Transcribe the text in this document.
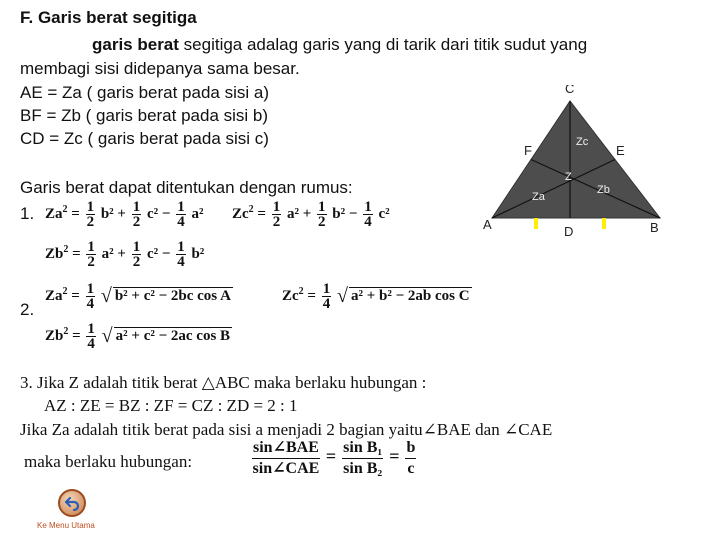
F. Garis berat segitiga
garis berat segitiga adalag garis yang di tarik dari titik sudut yang
membagi sisi didepanya sama besar.
AE = Za ( garis berat pada sisi a)
BF = Zb ( garis berat pada sisi b)
CD = Zc ( garis berat pada sisi c)
Garis berat dapat ditentukan dengan rumus:
1.
2.
A	B
C
D
E
F
Z
Za
Zb
Zc
$Za^2 = \frac{1}{2} b^2 + \frac{1}{2} c^2 - \frac{1}{4} a^2$ $Zc^2 = \frac{1}{2} a^2 + \frac{1}{2} b^2 - \frac{1}{4} c^2$
$Zb^2 = \frac{1}{2} a^2 + \frac{1}{2} c^2 - \frac{1}{4} b^2$
$Za^2 = \frac{1}{4}$ √ b² + c² − 2bc cos A	$Zc^2 = \frac{1}{4}$ √ a² + b² − 2ab cos C
$Zb^2 = \frac{1}{4}$ √ a² + c² − 2ac cos B
3. Jika Z adalah titik berat △ABC maka berlaku hubungan :
AZ : ZE = BZ : ZF = CZ : ZD = 2 : 1
Jika Za adalah titik berat pada sisi a menjadi 2 bagian yaitu∠BAE dan ∠CAE
maka berlaku hubungan:	$\frac{\text{sin∠BAE}}{\text{sin∠CAE}} = \frac{\text{sin B₁}}{\text{sin B₂}} = \frac{b}{c}$
Ke Menu Utama
